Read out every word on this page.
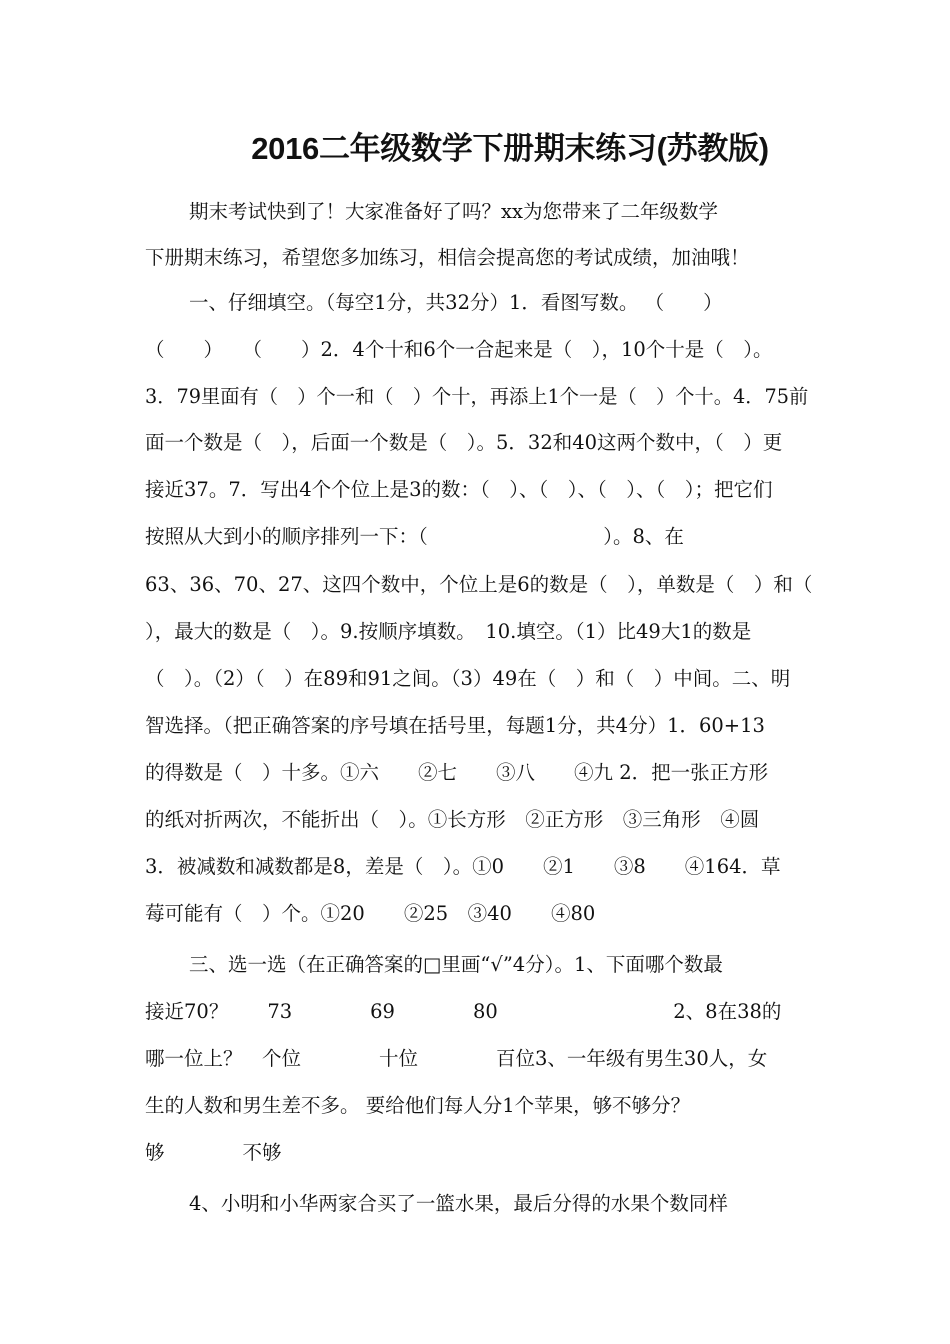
2016二年级数学下册期末练习(苏教版)
期末考试快到了！大家准备好了吗？xx为您带来了二年级数学
下册期末练习，希望您多加练习，相信会提高您的考试成绩，加油哦！
一、仔细填空。（每空1分，共32分）1．看图写数。 （　　）
（　　）　　（　　）2．4个十和6个一合起来是（　），10个十是（　）。
3．79里面有（　）个一和（　）个十，再添上1个一是（　）个十。4．75前
面一个数是（　），后面一个数是（　）。5．32和40这两个数中，（　）更
接近37。7．写出4个个位上是3的数：（　）、（　）、（　）、（　）；把它们
按照从大到小的顺序排列一下：（　　　　　　　　　）。8、在
63、36、70、27、这四个数中，个位上是6的数是（　），单数是（　）和（
），最大的数是（　）。9.按顺序填数。　10.填空。（1）比49大1的数是
（　）。（2）（　）在89和91之间。（3）49在（　）和（　）中间。二、明
智选择。（把正确答案的序号填在括号里，每题1分，共4分）1．60+13
的得数是（　）十多。①六　　②七　　③八　　④九 2．把一张正方形
的纸对折两次，不能折出（　）。①长方形　②正方形　③三角形　④圆
3．被减数和减数都是8，差是（　）。①0　　②1　　③8　　④164．草
莓可能有（　）个。①20　　②25　③40　　④80
三、选一选（在正确答案的□里画“√”4分）。1、下面哪个数最
接近70？　　73　　　　69　　　　80　　　　　　　　　2、8在38的
哪一位上？　个位　　　　十位　　　　百位3、一年级有男生30人，女
生的人数和男生差不多。 要给他们每人分1个苹果，够不够分？
够　　　　不够
4、小明和小华两家合买了一篮水果，最后分得的水果个数同样
